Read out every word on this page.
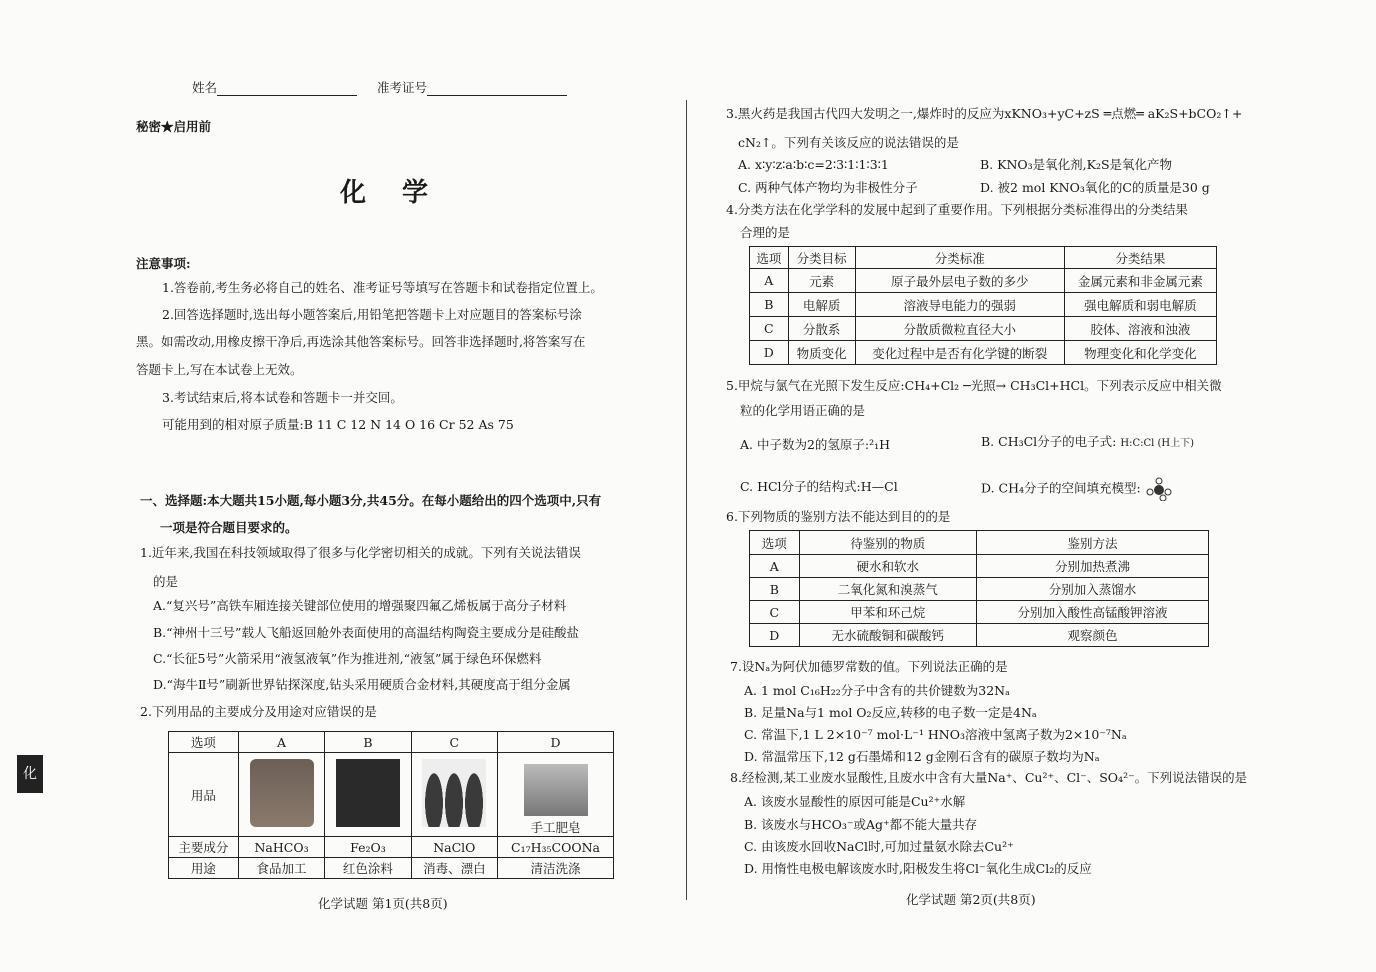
姓名	准考证号
秘密★启用前
化学
化
注意事项:
1.答卷前,考生务必将自己的姓名、准考证号等填写在答题卡和试卷指定位置上。
2.回答选择题时,选出每小题答案后,用铅笔把答题卡上对应题目的答案标号涂
黑。如需改动,用橡皮擦干净后,再选涂其他答案标号。回答非选择题时,将答案写在
答题卡上,写在本试卷上无效。
3.考试结束后,将本试卷和答题卡一并交回。
可能用到的相对原子质量:B 11 C 12 N 14 O 16 Cr 52 As 75
一、选择题:本大题共15小题,每小题3分,共45分。在每小题给出的四个选项中,只有
一项是符合题目要求的。
1.近年来,我国在科技领域取得了很多与化学密切相关的成就。下列有关说法错误
的是
A.“复兴号”高铁车厢连接关键部位使用的增强聚四氟乙烯板属于高分子材料
B.“神州十三号”载人飞船返回舱外表面使用的高温结构陶瓷主要成分是硅酸盐
C.“长征5号”火箭采用“液氢液氧”作为推进剂,“液氢”属于绿色环保燃料
D.“海牛Ⅱ号”刷新世界钻探深度,钻头采用硬质合金材料,其硬度高于组分金属
2.下列用品的主要成分及用途对应错误的是
选项	A	B	C	D
用品				手工肥皂
主要成分	NaHCO₃	Fe₂O₃	NaClO	C₁₇H₃₅COONa
用途	食品加工	红色涂料	消毒、漂白	清洁洗涤
化学试题 第1页(共8页)
3.黑火药是我国古代四大发明之一,爆炸时的反应为xKNO₃+yC+zS ═点燃═ aK₂S+bCO₂↑+
cN₂↑。下列有关该反应的说法错误的是
A. x∶y∶z∶a∶b∶c=2∶3∶1∶1∶3∶1	B. KNO₃是氧化剂,K₂S是氧化产物
C. 两种气体产物均为非极性分子	D. 被2 mol KNO₃氧化的C的质量是30 g
4.分类方法在化学学科的发展中起到了重要作用。下列根据分类标准得出的分类结果
合理的是
选项	分类目标	分类标准	分类结果
A	元素	原子最外层电子数的多少	金属元素和非金属元素
B	电解质	溶液导电能力的强弱	强电解质和弱电解质
C	分散系	分散质微粒直径大小	胶体、溶液和浊液
D	物质变化	变化过程中是否有化学键的断裂	物理变化和化学变化
5.甲烷与氯气在光照下发生反应:CH₄+Cl₂ ─光照→ CH₃Cl+HCl。下列表示反应中相关微
粒的化学用语正确的是
A. 中子数为2的氢原子:²₁H	B. CH₃Cl分子的电子式: H:C:Cl (H上下)
C. HCl分子的结构式:H—Cl	D. CH₄分子的空间填充模型:
6.下列物质的鉴别方法不能达到目的的是
选项	待鉴别的物质	鉴别方法
A	硬水和软水	分别加热煮沸
B	二氧化氮和溴蒸气	分别加入蒸馏水
C	甲苯和环己烷	分别加入酸性高锰酸钾溶液
D	无水硫酸铜和碳酸钙	观察颜色
7.设Nₐ为阿伏加德罗常数的值。下列说法正确的是
A. 1 mol C₁₆H₂₂分子中含有的共价键数为32Nₐ
B. 足量Na与1 mol O₂反应,转移的电子数一定是4Nₐ
C. 常温下,1 L 2×10⁻⁷ mol·L⁻¹ HNO₃溶液中氢离子数为2×10⁻⁷Nₐ
D. 常温常压下,12 g石墨烯和12 g金刚石含有的碳原子数均为Nₐ
8.经检测,某工业废水显酸性,且废水中含有大量Na⁺、Cu²⁺、Cl⁻、SO₄²⁻。下列说法错误的是
A. 该废水显酸性的原因可能是Cu²⁺水解
B. 该废水与HCO₃⁻或Ag⁺都不能大量共存
C. 由该废水回收NaCl时,可加过量氨水除去Cu²⁺
D. 用惰性电极电解该废水时,阳极发生将Cl⁻氧化生成Cl₂的反应
化学试题 第2页(共8页)
